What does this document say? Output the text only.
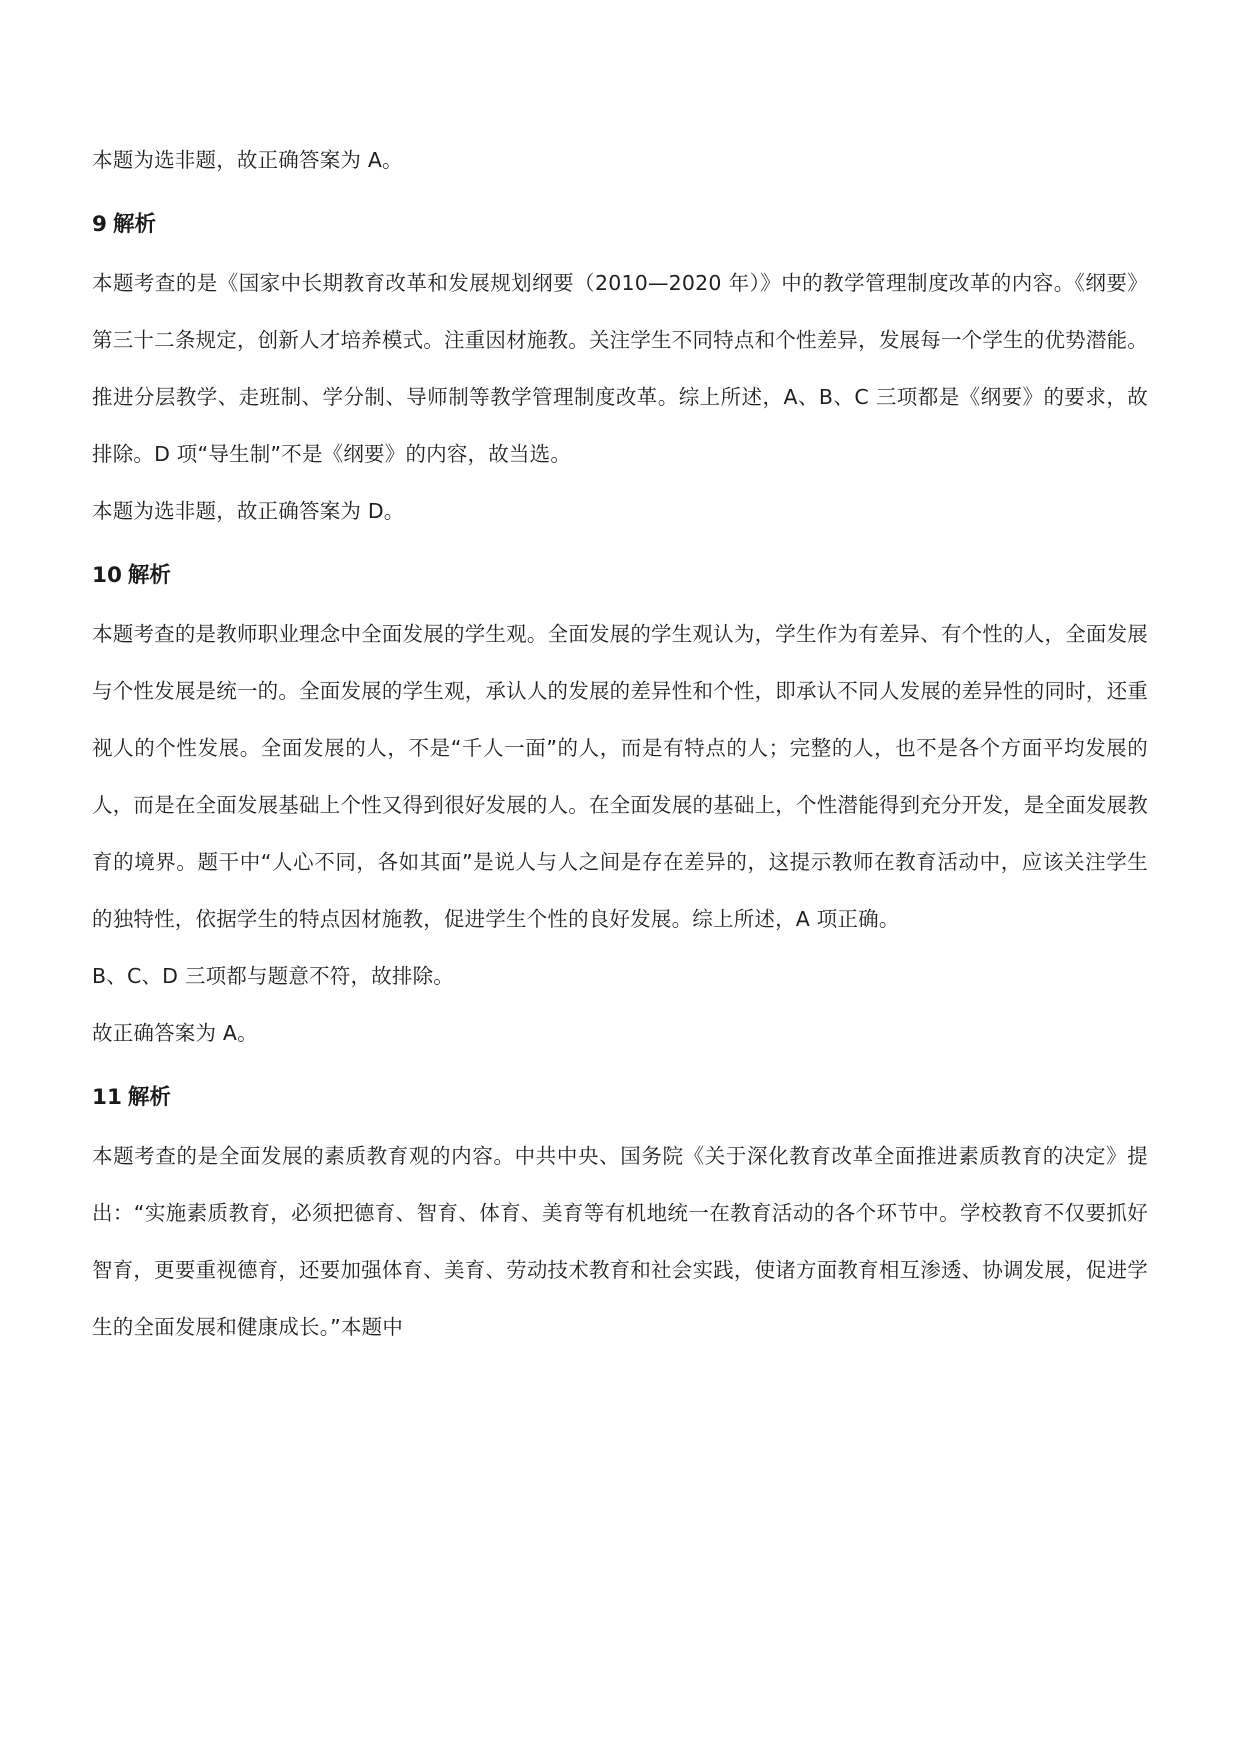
本题为选非题，故正确答案为 A。

9 解析

本题考查的是《国家中长期教育改革和发展规划纲要（2010—2020 年）》中的教学管理制度改革的内容。《纲要》第三十二条规定，创新人才培养模式。注重因材施教。关注学生不同特点和个性差异，发展每一个学生的优势潜能。推进分层教学、走班制、学分制、导师制等教学管理制度改革。综上所述，A、B、C 三项都是《纲要》的要求，故排除。D 项“导生制”不是《纲要》的内容，故当选。

本题为选非题，故正确答案为 D。

10 解析

本题考查的是教师职业理念中全面发展的学生观。全面发展的学生观认为，学生作为有差异、有个性的人，全面发展与个性发展是统一的。全面发展的学生观，承认人的发展的差异性和个性，即承认不同人发展的差异性的同时，还重视人的个性发展。全面发展的人，不是“千人一面”的人，而是有特点的人；完整的人，也不是各个方面平均发展的人，而是在全面发展基础上个性又得到很好发展的人。在全面发展的基础上，个性潜能得到充分开发，是全面发展教育的境界。题干中“人心不同，各如其面”是说人与人之间是存在差异的，这提示教师在教育活动中，应该关注学生的独特性，依据学生的特点因材施教，促进学生个性的良好发展。综上所述，A 项正确。

B、C、D 三项都与题意不符，故排除。

故正确答案为 A。

11 解析

本题考查的是全面发展的素质教育观的内容。中共中央、国务院《关于深化教育改革全面推进素质教育的决定》提出：“实施素质教育，必须把德育、智育、体育、美育等有机地统一在教育活动的各个环节中。学校教育不仅要抓好智育，更要重视德育，还要加强体育、美育、劳动技术教育和社会实践，使诸方面教育相互渗透、协调发展，促进学生的全面发展和健康成长。”本题中
